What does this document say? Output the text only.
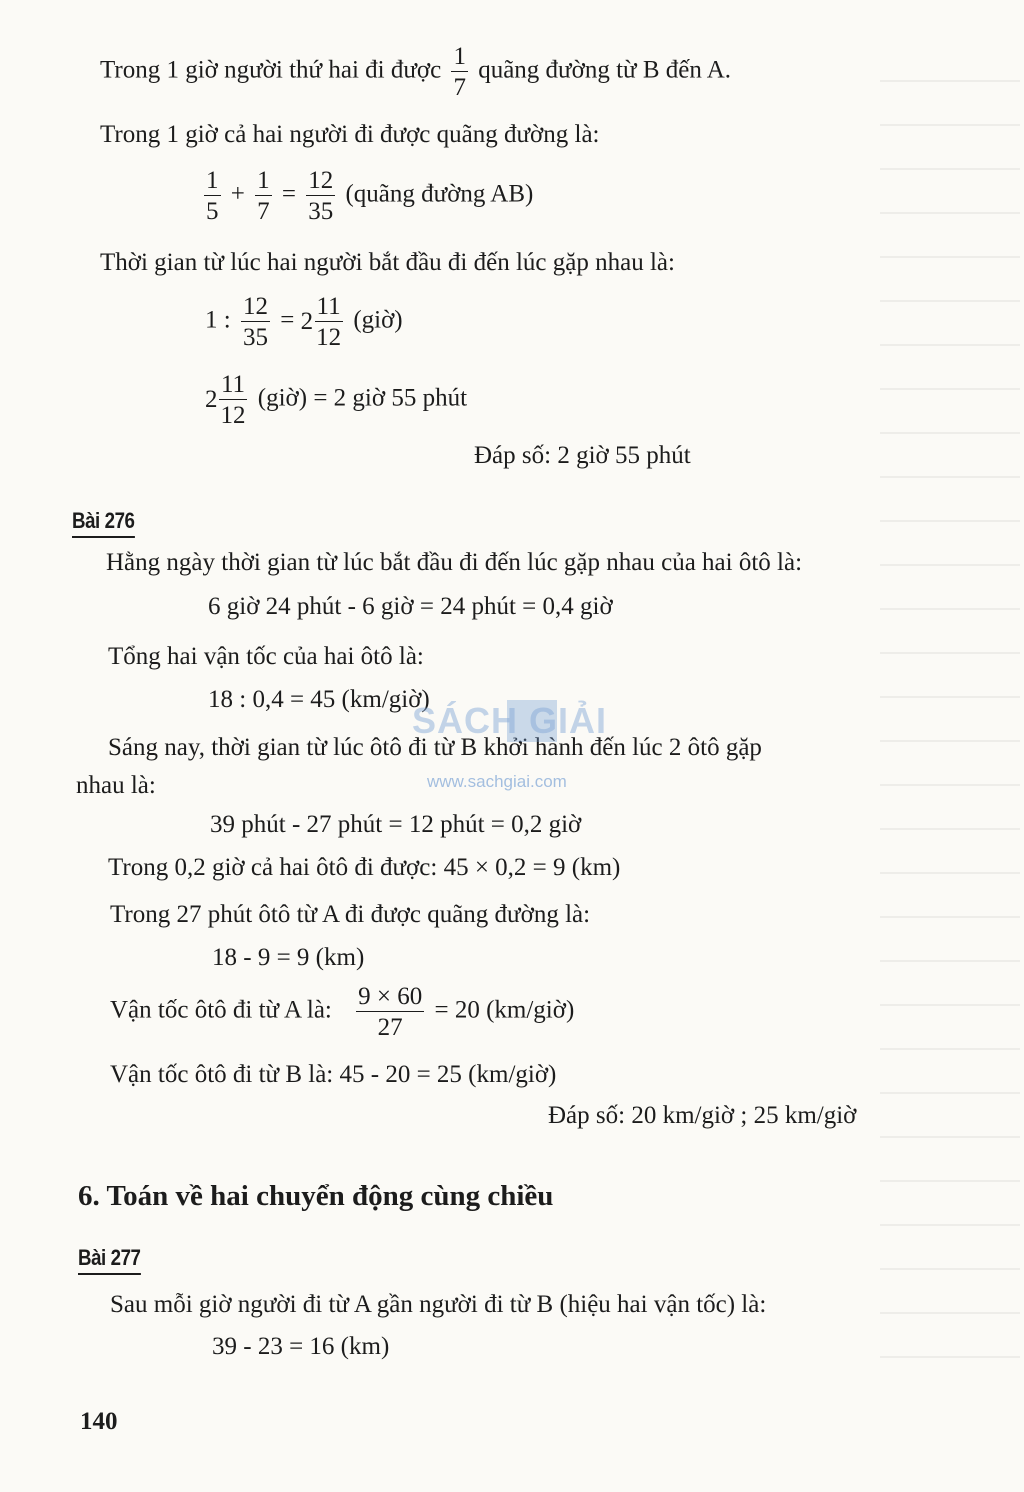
Trong 1 giờ người thứ hai đi được $\frac{1}{7}$ quãng đường từ B đến A.
Trong 1 giờ cả hai người đi được quãng đường là:
$\frac{1}{5} + \frac{1}{7} = \frac{12}{35}$ (quãng đường AB)
Thời gian từ lúc hai người bắt đầu đi đến lúc gặp nhau là:
1 : $\frac{12}{35} = 2 \frac{11}{12}$ (giờ)
$2 \frac{11}{12}$ (giờ) = 2 giờ 55 phút
Đáp số: 2 giờ 55 phút
Bài 276
Hằng ngày thời gian từ lúc bắt đầu đi đến lúc gặp nhau của hai ôtô là:
6 giờ 24 phút - 6 giờ = 24 phút = 0,4 giờ
Tổng hai vận tốc của hai ôtô là:
18 : 0,4 = 45 (km/giờ)
Sáng nay, thời gian từ lúc ôtô đi từ B khởi hành đến lúc 2 ôtô gặp
nhau là:
39 phút - 27 phút = 12 phút = 0,2 giờ
Trong 0,2 giờ cả hai ôtô đi được: 45 × 0,2 = 9 (km)
Trong 27 phút ôtô từ A đi được quãng đường là:
18 - 9 = 9 (km)
Vận tốc ôtô đi từ A là: $\frac{9 \times 60}{27} = 20$ (km/giờ)
Vận tốc ôtô đi từ B là: 45 - 20 = 25 (km/giờ)
Đáp số: 20 km/giờ ; 25 km/giờ
6. Toán về hai chuyển động cùng chiều
Bài 277
Sau mỗi giờ người đi từ A gần người đi từ B (hiệu hai vận tốc) là:
39 - 23 = 16 (km)
140
SÁCH GIẢI
www.sachgiai.com
